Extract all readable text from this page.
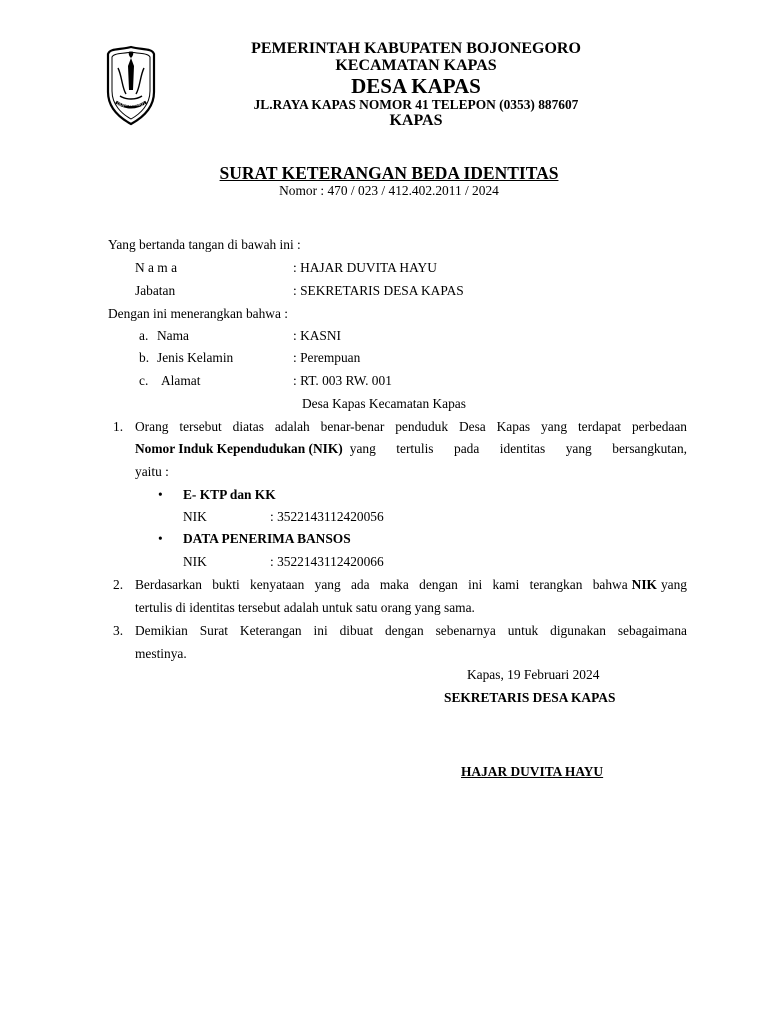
BOJONEGORO
PEMERINTAH KABUPATEN BOJONEGORO
KECAMATAN KAPAS
DESA KAPAS
JL.RAYA KAPAS NOMOR 41 TELEPON (0353) 887607
KAPAS
SURAT KETERANGAN BEDA IDENTITAS
Nomor : 470 / 023 / 412.402.2011 / 2024
Yang bertanda tangan di bawah ini :
N a m a	: HAJAR DUVITA HAYU
Jabatan	: SEKRETARIS DESA KAPAS
Dengan ini menerangkan bahwa :
a. Nama	: KASNI
b. Jenis Kelamin	: Perempuan
c. Alamat	: RT. 003 RW. 001
Desa Kapas Kecamatan Kapas
1. Orang tersebut diatas adalah benar-benar penduduk Desa Kapas yang terdapat perbedaan
Nomor Induk Kependudukan (NIK) yang tertulis pada identitas yang bersangkutan,
yaitu :
• E- KTP dan KK
NIK	: 3522143112420056
• DATA PENERIMA BANSOS
NIK	: 3522143112420066
2. Berdasarkan bukti kenyataan yang ada maka dengan ini kami terangkan bahwa NIK yang
tertulis di identitas tersebut adalah untuk satu orang yang sama.
3. Demikian Surat Keterangan ini dibuat dengan sebenarnya untuk digunakan sebagaimana
mestinya.
Kapas, 19 Februari 2024
SEKRETARIS DESA KAPAS
HAJAR DUVITA HAYU
